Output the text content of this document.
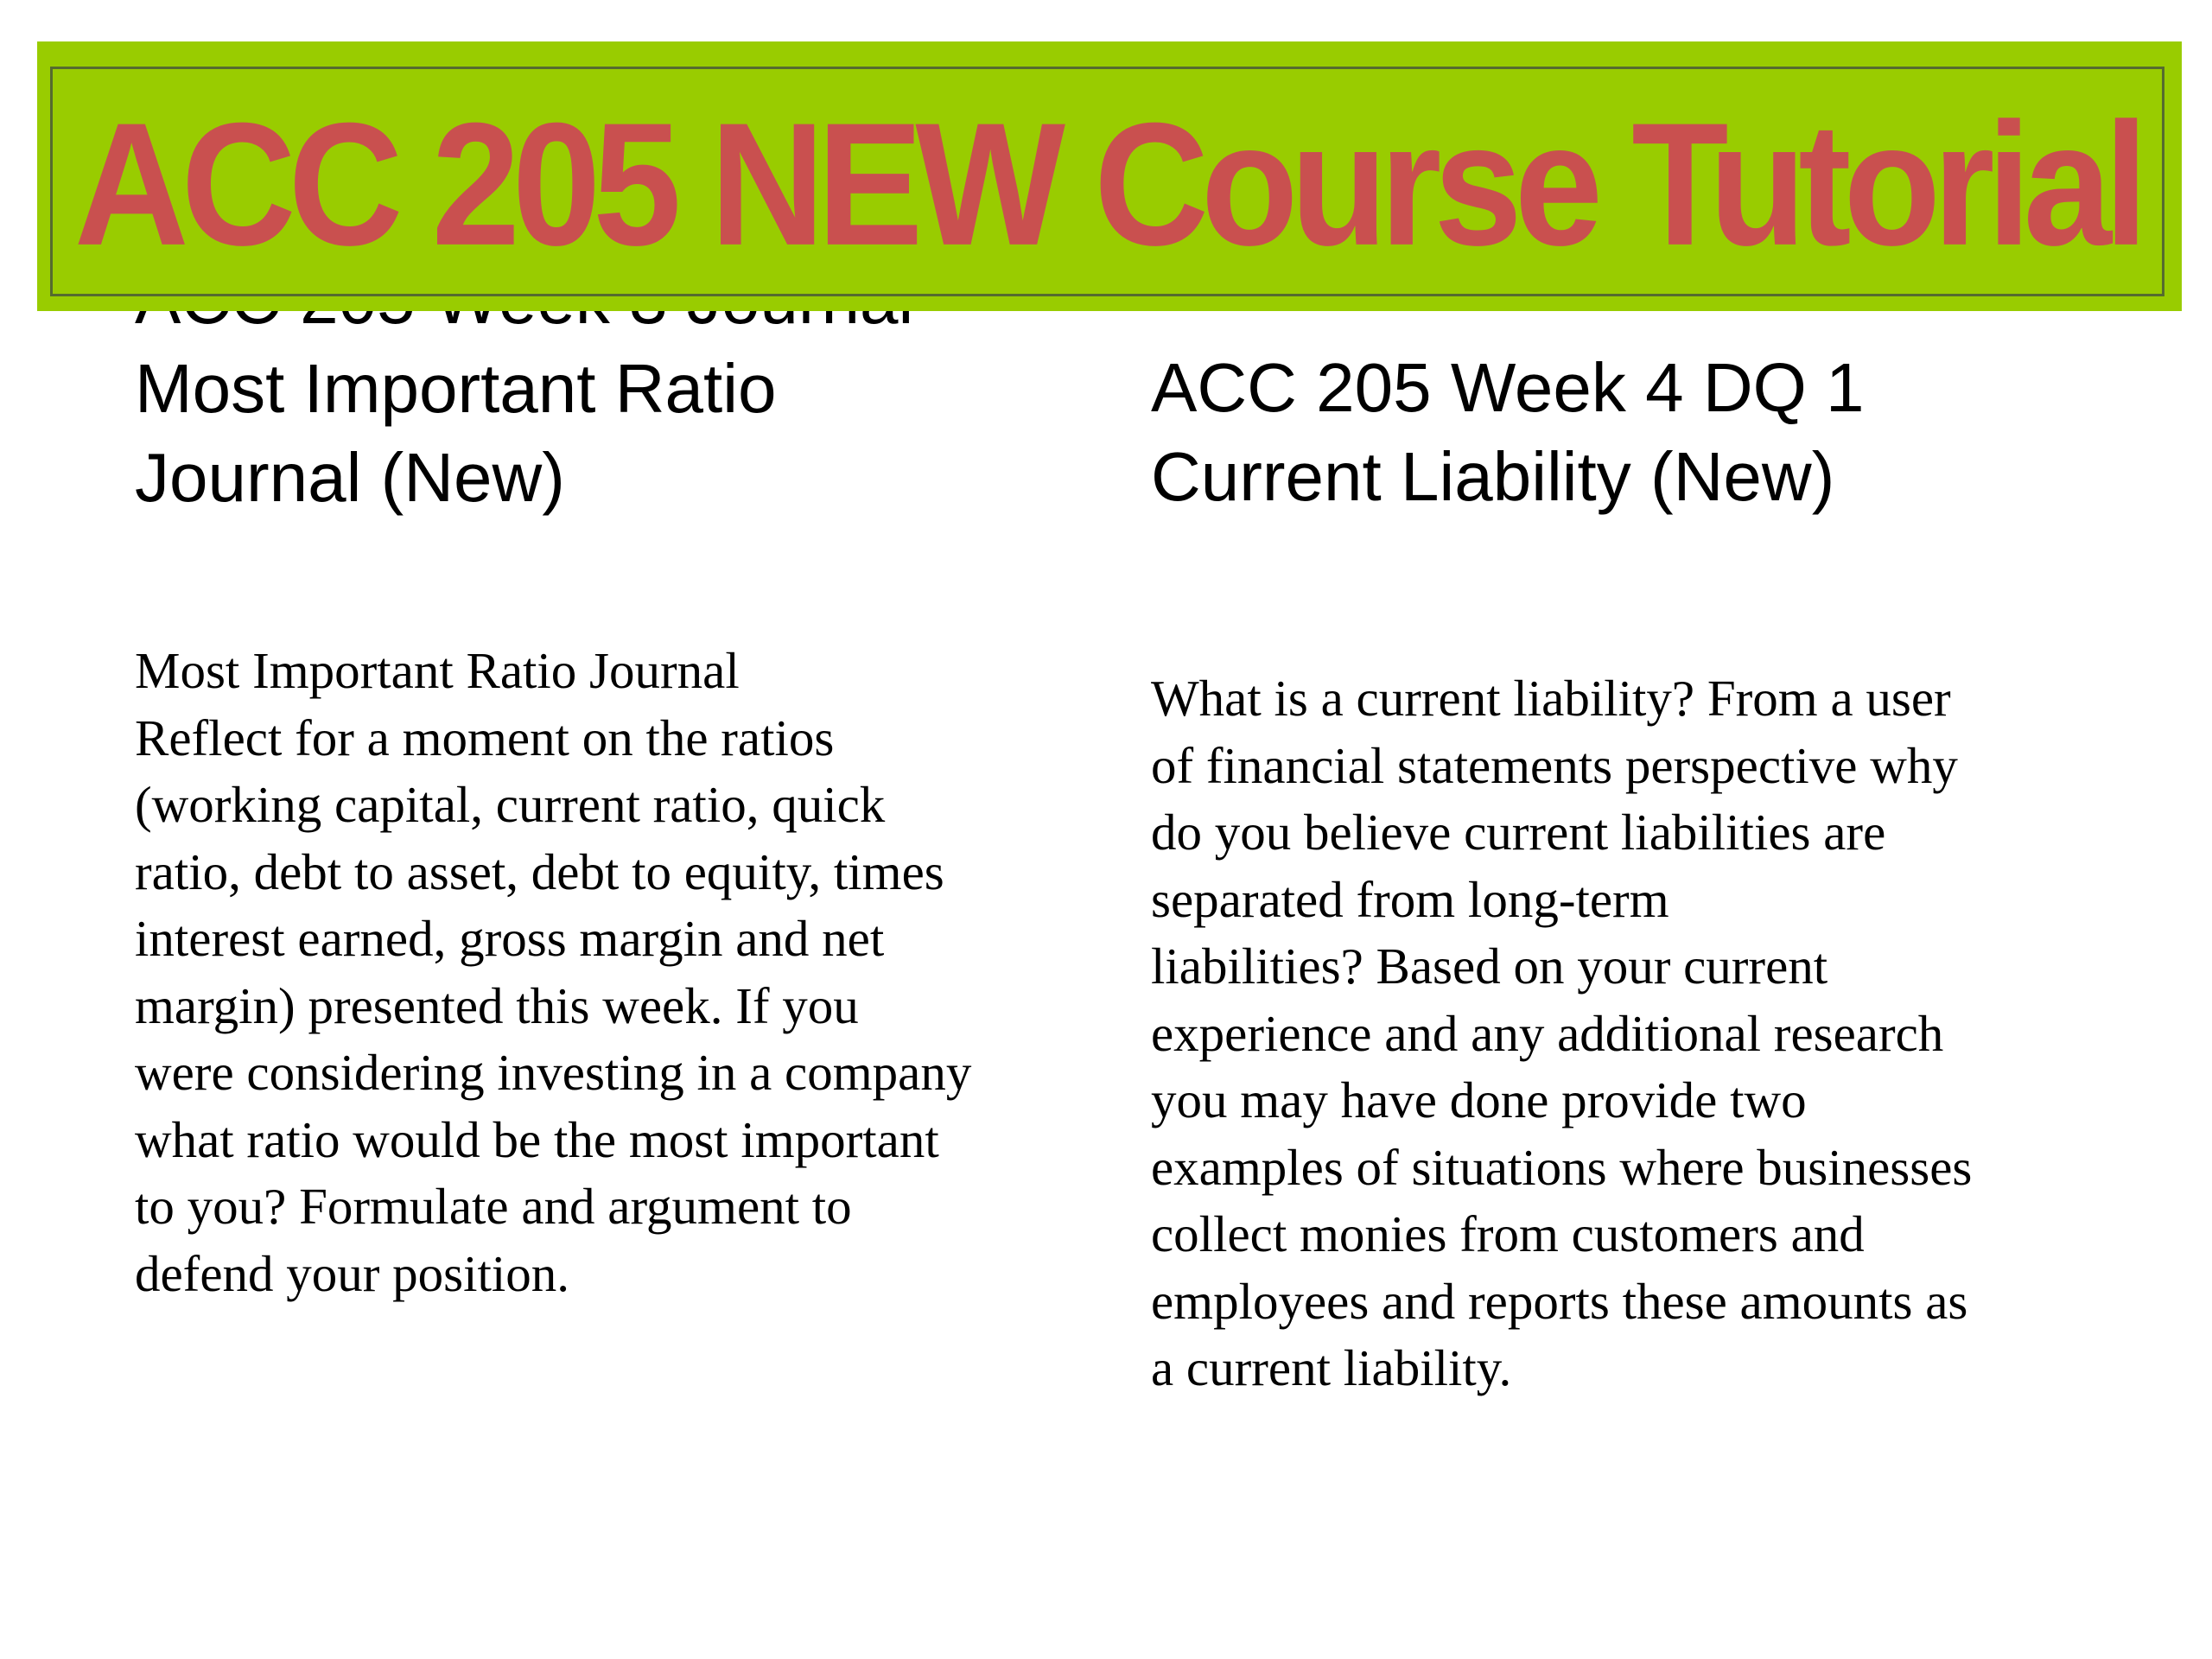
Most Important Ratio
Journal (New)
Most Important Ratio Journal
Reflect for a moment on the ratios
(working capital, current ratio, quick
ratio, debt to asset, debt to equity, times
interest earned, gross margin and net
margin) presented this week. If you
were considering investing in a company
what ratio would be the most important
to you? Formulate and argument to
defend your position.
ACC 205 Week 4 DQ 1
Current Liability (New)
What is a current liability? From a user
of financial statements perspective why
do you believe current liabilities are
separated from long-term
liabilities? Based on your current
experience and any additional research
you may have done provide two
examples of situations where businesses
collect monies from customers and
employees and reports these amounts as
a current liability.
ACC 205 NEW Course Tutorial
